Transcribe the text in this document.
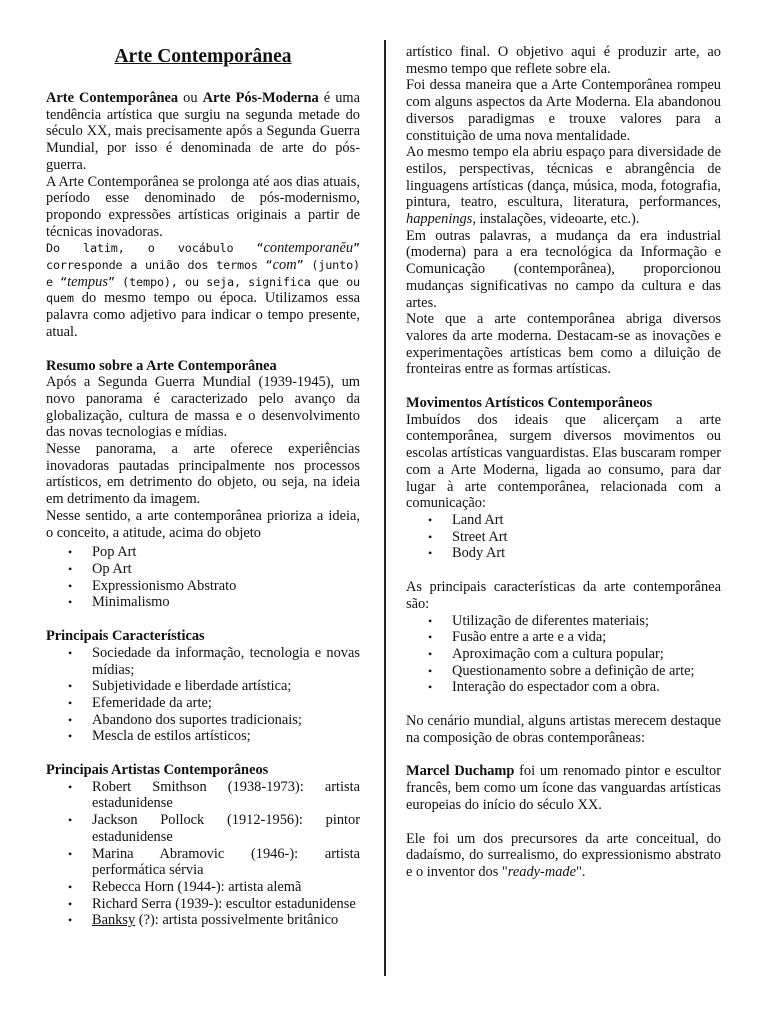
Arte Contemporânea

Arte Contemporânea ou Arte Pós-Moderna é uma tendência artística que surgiu na segunda metade do século XX, mais precisamente após a Segunda Guerra Mundial, por isso é denominada de arte do pós-guerra.

A Arte Contemporânea se prolonga até aos dias atuais, período esse denominado de pós-modernismo, propondo expressões artísticas originais a partir de técnicas inovadoras.

Do latim, o vocábulo “contemporanĕu” corresponde a união dos termos “com” (junto) e “tempus” (tempo), ou seja, significa que ou quem do mesmo tempo ou época. Utilizamos essa palavra como adjetivo para indicar o tempo presente, atual.

Resumo sobre a Arte Contemporânea

Após a Segunda Guerra Mundial (1939-1945), um novo panorama é caracterizado pelo avanço da globalização, cultura de massa e o desenvolvimento das novas tecnologias e mídias.

Nesse panorama, a arte oferece experiências inovadoras pautadas principalmente nos processos artísticos, em detrimento do objeto, ou seja, na ideia em detrimento da imagem.

Nesse sentido, a arte contemporânea prioriza a ideia, o conceito, a atitude, acima do objeto

• Pop Art
• Op Art
• Expressionismo Abstrato
• Minimalismo

Principais Características

• Sociedade da informação, tecnologia e novas mídias;
• Subjetividade e liberdade artística;
• Efemeridade da arte;
• Abandono dos suportes tradicionais;
• Mescla de estilos artísticos;

Principais Artistas Contemporâneos

• Robert Smithson (1938-1973): artista estadunidense
• Jackson Pollock (1912-1956): pintor estadunidense
• Marina Abramovic (1946-): artista performática sérvia
• Rebecca Horn (1944-): artista alemã
• Richard Serra (1939-): escultor estadunidense
• Banksy (?): artista possivelmente britânico

artístico final. O objetivo aqui é produzir arte, ao mesmo tempo que reflete sobre ela.

Foi dessa maneira que a Arte Contemporânea rompeu com alguns aspectos da Arte Moderna. Ela abandonou diversos paradigmas e trouxe valores para a constituição de uma nova mentalidade.

Ao mesmo tempo ela abriu espaço para diversidade de estilos, perspectivas, técnicas e abrangência de linguagens artísticas (dança, música, moda, fotografia, pintura, teatro, escultura, literatura, performances, happenings, instalações, videoarte, etc.).

Em outras palavras, a mudança da era industrial (moderna) para a era tecnológica da Informação e Comunicação (contemporânea), proporcionou mudanças significativas no campo da cultura e das artes.

Note que a arte contemporânea abriga diversos valores da arte moderna. Destacam-se as inovações e experimentações artísticas bem como a diluição de fronteiras entre as formas artísticas.

Movimentos Artísticos Contemporâneos

Imbuídos dos ideais que alicerçam a arte contemporânea, surgem diversos movimentos ou escolas artísticas vanguardistas. Elas buscaram romper com a Arte Moderna, ligada ao consumo, para dar lugar à arte contemporânea, relacionada com a comunicação:

• Land Art
• Street Art
• Body Art

As principais características da arte contemporânea são:

• Utilização de diferentes materiais;
• Fusão entre a arte e a vida;
• Aproximação com a cultura popular;
• Questionamento sobre a definição de arte;
• Interação do espectador com a obra.

No cenário mundial, alguns artistas merecem destaque na composição de obras contemporâneas:

Marcel Duchamp foi um renomado pintor e escultor francês, bem como um ícone das vanguardas artísticas europeias do início do século XX.

Ele foi um dos precursores da arte conceitual, do dadaísmo, do surrealismo, do expressionismo abstrato e o inventor dos "ready-made".
